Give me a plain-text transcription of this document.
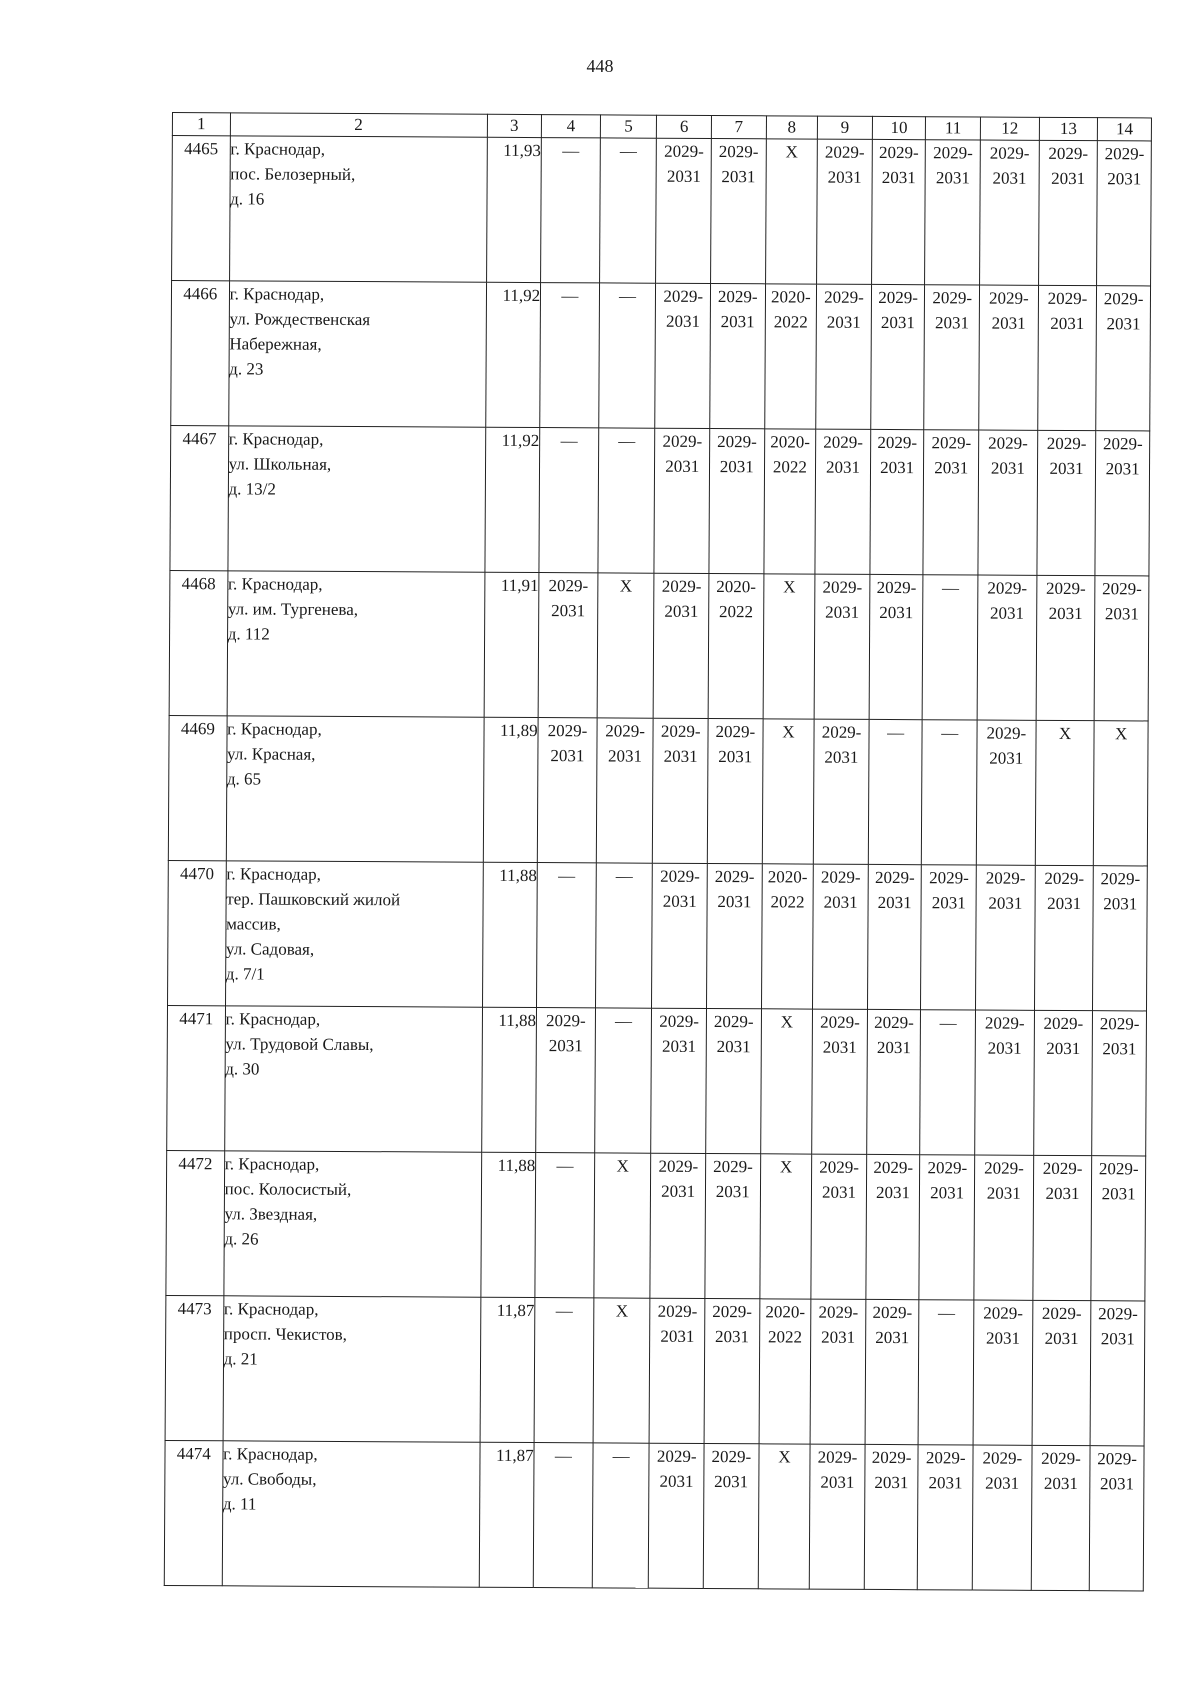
448
1	2	3	4	5	6	7	8	9	10	11	12	13	14
4465	г. Краснодар,
пос. Белозерный,
д. 16	11,93	—	—	2029-
2031	2029-
2031	X	2029-
2031	2029-
2031	2029-
2031	2029-
2031	2029-
2031	2029-
2031

4466	г. Краснодар,
ул. Рождественская
Набережная,
д. 23	11,92	—	—	2029-
2031	2029-
2031	2020-
2022	2029-
2031	2029-
2031	2029-
2031	2029-
2031	2029-
2031	2029-
2031

4467	г. Краснодар,
ул. Школьная,
д. 13/2	11,92	—	—	2029-
2031	2029-
2031	2020-
2022	2029-
2031	2029-
2031	2029-
2031	2029-
2031	2029-
2031	2029-
2031

4468	г. Краснодар,
ул. им. Тургенева,
д. 112	11,91	2029-
2031	X	2029-
2031	2020-
2022	X	2029-
2031	2029-
2031	—	2029-
2031	2029-
2031	2029-
2031

4469	г. Краснодар,
ул. Красная,
д. 65	11,89	2029-
2031	2029-
2031	2029-
2031	2029-
2031	X	2029-
2031	—	—	2029-
2031	X	X

4470	г. Краснодар,
тер. Пашковский жилой
массив,
ул. Садовая,
д. 7/1	11,88	—	—	2029-
2031	2029-
2031	2020-
2022	2029-
2031	2029-
2031	2029-
2031	2029-
2031	2029-
2031	2029-
2031

4471	г. Краснодар,
ул. Трудовой Славы,
д. 30	11,88	2029-
2031	—	2029-
2031	2029-
2031	X	2029-
2031	2029-
2031	—	2029-
2031	2029-
2031	2029-
2031

4472	г. Краснодар,
пос. Колосистый,
ул. Звездная,
д. 26	11,88	—	X	2029-
2031	2029-
2031	X	2029-
2031	2029-
2031	2029-
2031	2029-
2031	2029-
2031	2029-
2031

4473	г. Краснодар,
просп. Чекистов,
д. 21	11,87	—	X	2029-
2031	2029-
2031	2020-
2022	2029-
2031	2029-
2031	—	2029-
2031	2029-
2031	2029-
2031

4474	г. Краснодар,
ул. Свободы,
д. 11	11,87	—	—	2029-
2031	2029-
2031	X	2029-
2031	2029-
2031	2029-
2031	2029-
2031	2029-
2031	2029-
2031
